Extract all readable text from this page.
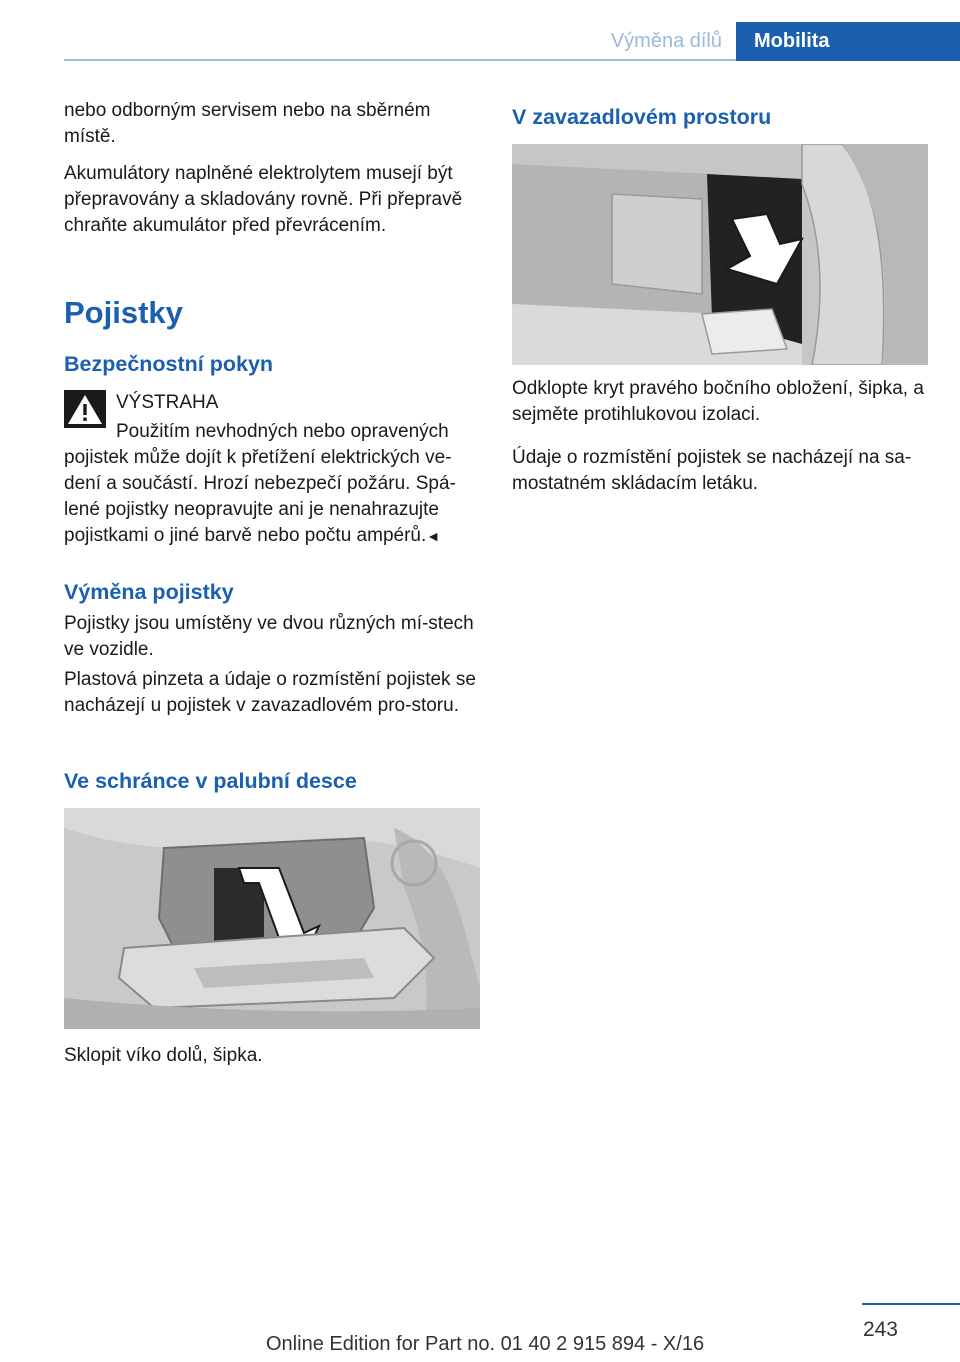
Výměna dílů	Mobilita

nebo odborným servisem nebo na sběrném místě.

Akumulátory naplněné elektrolytem musejí být přepravovány a skladovány rovně. Při přepravě chraňte akumulátor před převrácením.

Pojistky
Bezpečnostní pokyn
VÝSTRAHA
Použitím nevhodných nebo opravených pojistek může dojít k přetížení elektrických ve-dení a součástí. Hrozí nebezpečí požáru. Spá-lené pojistky neopravujte ani je nenahrazujte pojistkami o jiné barvě nebo počtu ampérů.◄
Výměna pojistky

Pojistky jsou umístěny ve dvou různých mí-stech ve vozidle.

Plastová pinzeta a údaje o rozmístění pojistek se nacházejí u pojistek v zavazadlovém pro-storu.

Ve schránce v palubní desce

Sklopit víko dolů, šipka.

V zavazadlovém prostoru

Odklopte kryt pravého bočního obložení, šipka, a sejměte protihlukovou izolaci.

Údaje o rozmístění pojistek se nacházejí na sa-mostatném skládacím letáku.

243
Online Edition for Part no. 01 40 2 915 894 - X/16
